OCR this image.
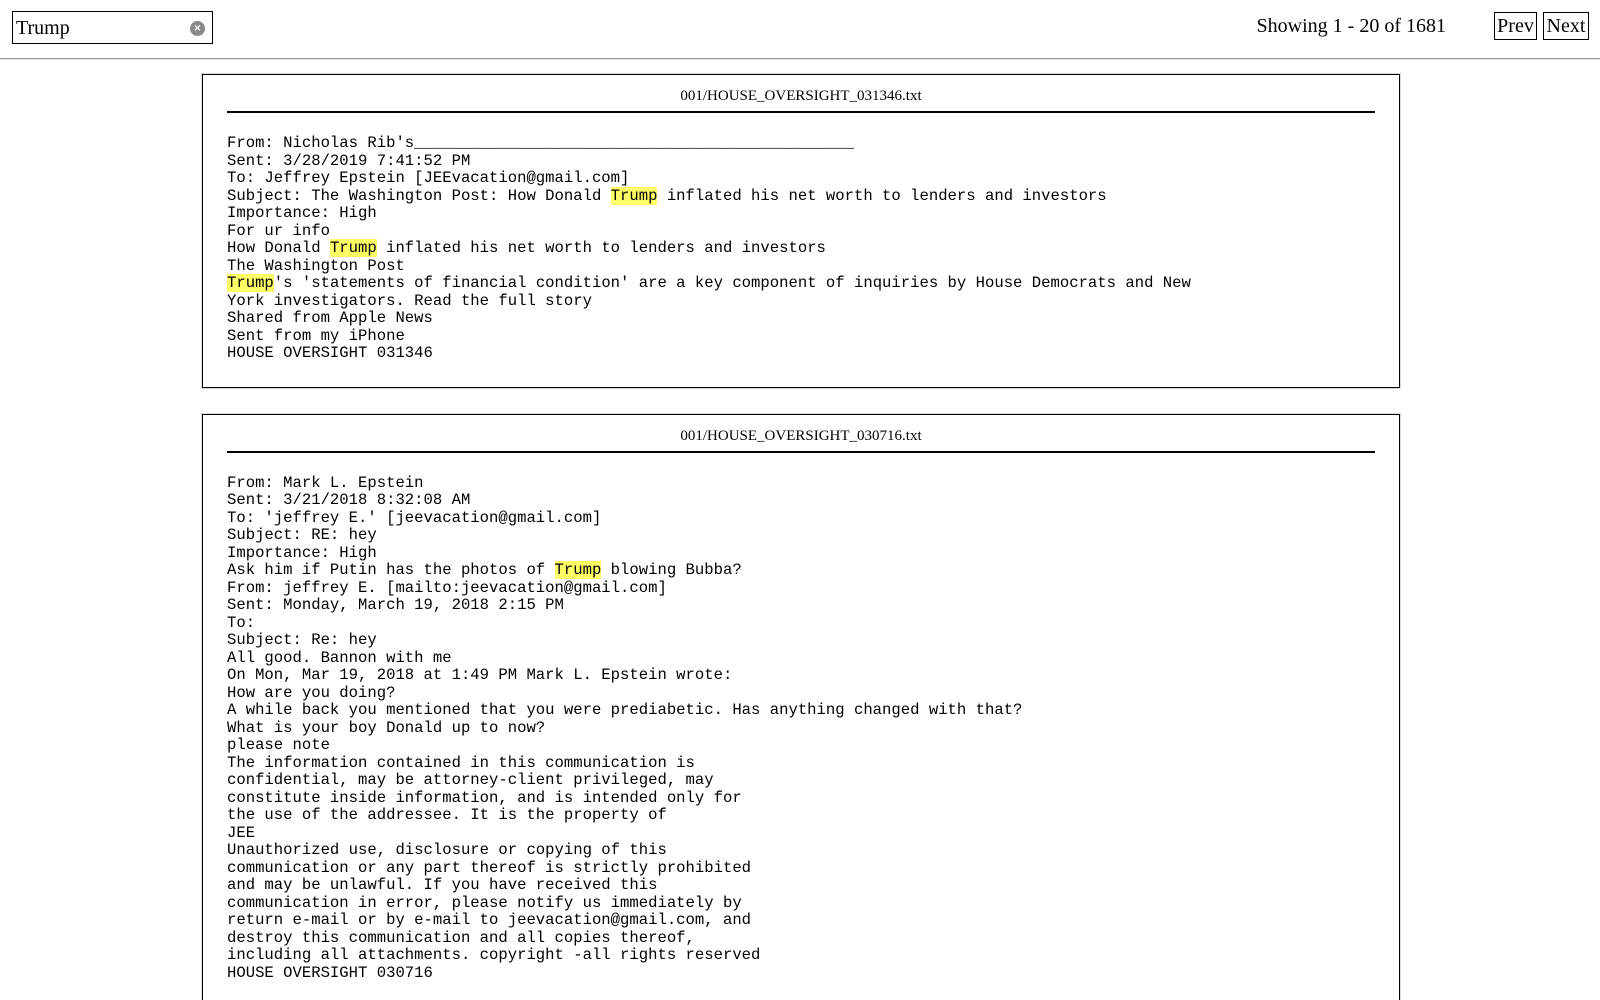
Trump
×	Showing 1 - 20 of 1681	Prev Next
001/HOUSE_OVERSIGHT_031346.txt
From: Nicholas Rib's_______________________________________________
Sent: 3/28/2019 7:41:52 PM
To: Jeffrey Epstein [JEEvacation@gmail.com]
Subject: The Washington Post: How Donald Trump inflated his net worth to lenders and investors
Importance: High
For ur info
How Donald Trump inflated his net worth to lenders and investors
The Washington Post
Trump's 'statements of financial condition' are a key component of inquiries by House Democrats and New
York investigators. Read the full story
Shared from Apple News
Sent from my iPhone
HOUSE OVERSIGHT 031346
001/HOUSE_OVERSIGHT_030716.txt
From: Mark L. Epstein
Sent: 3/21/2018 8:32:08 AM
To: 'jeffrey E.' [jeevacation@gmail.com]
Subject: RE: hey
Importance: High
Ask him if Putin has the photos of Trump blowing Bubba?
From: jeffrey E. [mailto:jeevacation@gmail.com]
Sent: Monday, March 19, 2018 2:15 PM
To:
Subject: Re: hey
All good. Bannon with me
On Mon, Mar 19, 2018 at 1:49 PM Mark L. Epstein wrote:
How are you doing?
A while back you mentioned that you were prediabetic. Has anything changed with that?
What is your boy Donald up to now?
please note
The information contained in this communication is
confidential, may be attorney-client privileged, may
constitute inside information, and is intended only for
the use of the addressee. It is the property of
JEE
Unauthorized use, disclosure or copying of this
communication or any part thereof is strictly prohibited
and may be unlawful. If you have received this
communication in error, please notify us immediately by
return e-mail or by e-mail to jeevacation@gmail.com, and
destroy this communication and all copies thereof,
including all attachments. copyright -all rights reserved
HOUSE OVERSIGHT 030716
